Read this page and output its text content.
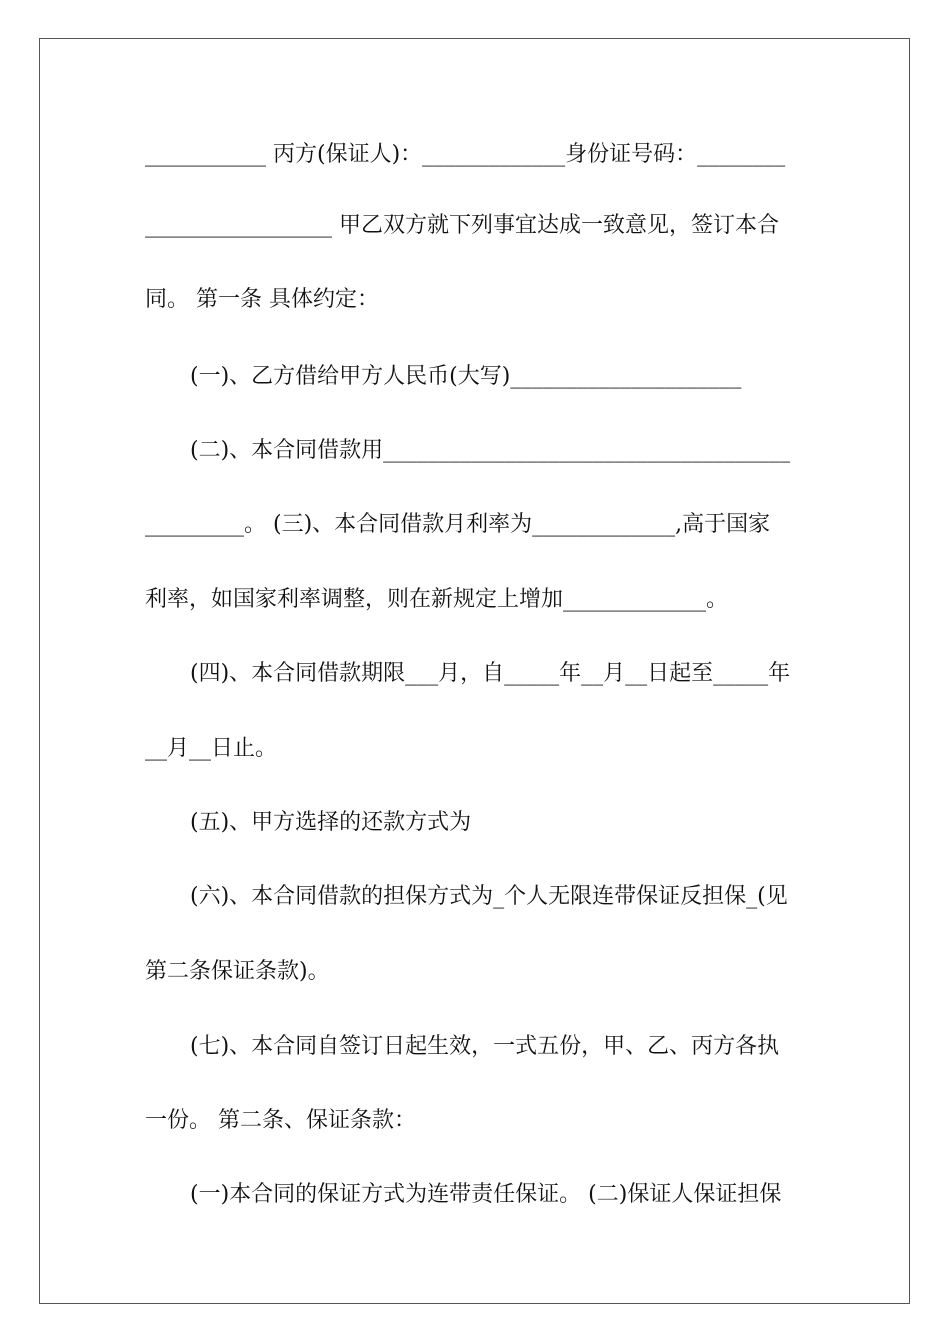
___________ 丙方(保证人)：_____________身份证号码：________
_________________ 甲乙双方就下列事宜达成一致意见，签订本合
同。 第一条 具体约定：
(一)、乙方借给甲方人民币(大写)_____________________
(二)、本合同借款用_____________________________________
_________。 (三)、本合同借款月利率为_____________,高于国家
利率，如国家利率调整，则在新规定上增加_____________。
(四)、本合同借款期限___月，自_____年__月__日起至_____年
__月__日止。
(五)、甲方选择的还款方式为
(六)、本合同借款的担保方式为_个人无限连带保证反担保_(见
第二条保证条款)。
(七)、本合同自签订日起生效，一式五份，甲、乙、丙方各执
一份。 第二条、保证条款：
(一)本合同的保证方式为连带责任保证。 (二)保证人保证担保
